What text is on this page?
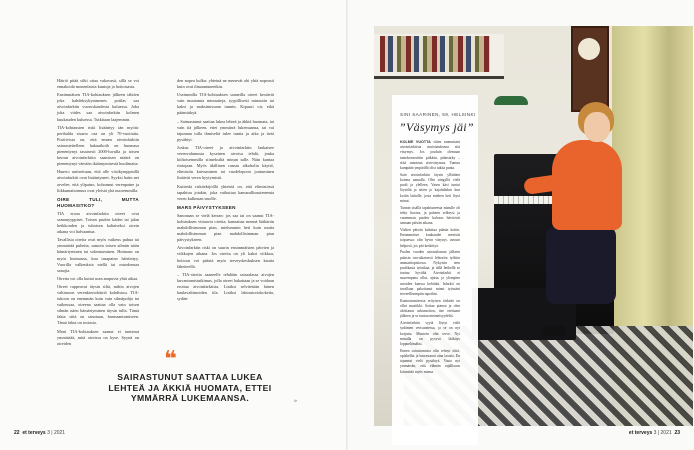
Häiriö pitää siltti ottaa vakavasti, sillä se voi ennakoida monenlaisia kuntoja ja hoitoisasta.

Ensimmäisen TIA-kohtauksen jälkeen tähtien joka kahdeksykymmenes potilas saa aivoinfarktin vuoroskaudesta kuluessa. Joka joka viides saa aivoinfarktin kolmen kuukauden kuluessa. Tutkitaan laajemmin.

TIA-kohtausten riski lisääntyy tän myötä: perihalda sisarto osa on yli 70-vuotiaita. Positivista on, että ennen aivoinfarktin saiarastettelleen hakuaikoih on huomasa pienentynyt tasaisesti 2000-luvulla ja toisen kerran aivoinfarktiin saamisen määrä on pienentynyt väestön ikääntymisestä huolimatta.

Hauvio uutisettuun, että alle viisikymppisillä aivoinfarktit ovat lisääntyneet. Syyksi hatin net arvelee, että ylipaino, kohonnut verenpaine ja liikkumattomuus ovat yleisiä yhä nuoremmilla.

OIRE TULI, MUTTA HUOMASITKO?

TIA eroaa aivoinfarktin oireet ovat samanyyppiset. Toisen puolen käden tai jalan heikkouden ja tuhoisen kaltaiseksi oirein aikana voi halvaantua.

Tavallisia oireita ovat myös vaikeus puhua tai ymmärtää puhetta, samoin toisen silmän näön hämärtyminen tai sokeutuminen. Huimaus on myös huimausa, kuu tasapaino häiriintyy. Vuorilla valkeuksia niellä tai muodonsaa sanojia.

Oireita voi olla kuitai usea ampuvia yhtä aikaa.

Oireet rappeavat täysin siltä, mihin aivojen valtimoon verenkiertohäiriö kohdistuu. TIA-tukoon on enemmän kuin vain silmäpohja tai vaikeusaa, oireena saattaa olla vain toisen silmän näön hämärtyminen täysin tulla. Tämä fakta siitä on sanotaan, harmaantumiseen. Tämä fakta on tosiasia.

Moni TIA-kohtauksen saanut ei tuntenut ymmärtää, mitä oireissa on kyse. Syynä on oireiden

den nopea kulku: yhteinä ne menevät ohi yhtä nopeasti kuin ovat ilmaantuneetkin.

Useimmilla TIA-kohtauksen saaneilla oireet kestävät vain muutamia minuutteja, tyypillisesti minuutin tai kaksi ja maksimissaan tunnin. Kipuuri oir, eikä päänsärkyä.

– Saimastunut saattaa lukea lehteä ja äkkiä huomata, tai vain tiä jälkeen, ettei ymmärrä lukemaansa, tai vai tajunnan tulla ihmiseltä tulee tuntia ja aika ja tietä pysähtyi.

Joskus TIA-oireet ja aivoinfarktin laukaisee verenvalumusta kyseinen aivoisa tehdä, jonka kiiltoisemmilla siimeksiltä minun tulle. Näin kantaa rintojaan. Myös äkillinen runsas alkoholin käyttö, elimistön kuivuminen tai vuodelepoon joutuminen lisäävät veren hyytymistä.

Kuitenki riskitekijöillä yhteistä on, että elimistössä tapahtuu jotakin, joka vaikuttaa kamarallisuutenemia veren kulkeuan tasolle.

MARS PÄIVYSTYKSEEN

Sanonaan se vielä kerran: jos saa tai on saanut TIA-kohtauksen vittaavia oireita, kannattaa mennä lääkäriin mahdollisimman pian, mielummin heti kuin mutta mahdollisimman pian mahdollisimman pian päivystykseen.

Aivoinfarktin riski on suurin ensimmäisten päivien ja viikkojen aikana. Jos oireita on yli kaksi viikkoa, hoitoon voi päästä myös terveyskeskuksen kautta lähetteellä.

– TIA-oireita saaneelle tehdään sairaalassa aivojen kuvantamistutkimus, jolla oireet hakattaan ja se voidaan erottaa aivoinfarktista. Lisäksi selvitetään hänen kaulavaltimoiden tila. Lisäksi laboratoriokokeita, sydän-

❝
SAIRASTUNUT SAATTAA LUKEA LEHTEÄ JA ÄKKIÄ HUOMATA, ETTEI YMMÄRRÄ LUKEMAANSA.	»
22 et terveys 3 | 2021	et terveys 3 | 2021 23
SINI SAARINEN, 59, HELSINKI
”Väsymys jäi”

KOLME VUOTTA sitten saamastani aivoinfarktista muistutuksena sitä väsymys. Jos jouduin olemaan tantokonserttiin pitkään, päänsärky – siitä sanotaan aivoväsymus. Tuntuu kumpään ympärillä olisi tukita panta.

Sain aivoinfarktin täysin yllättäen kotona aamulla. Olin sängyllä vielä puoli ja ylelleen. Vasen käsi tuntui löysältä ja sitten jo kajahdinkin kun koitin lattialle, josta miehen heti löysi minut.

Tunnin sisällä tapahtuneesta minulle oli tehty liuotus, ja puheen selkeysi ja vasemman puolen halvaus hävisivät samaan päivän aikana.

Viidien päivän kuluttua pääsin kotiin. Ensimmäiset kuukaudet menivät toipuessa: olin hyvin väsynyt, uuvuin helposti, jos piti keskittyä.

Puolen vuoden sairausloman jälkeen palasin osa-aikaisesti lehtoriin työhön ammattiopistossa. Nykyisin teen puolikasta työaikaa, ja tällä hetkellä se tuntuu hyvältä. Aivoinfarkti ei suurempana ollut, ajatus ja ylempien asioiden kanssa kehittää. Infarkti on tavallaan pakottanut minut työssäni terveellisempiin tapoihin.

Kuntoutumisessa erityisen tärkeää on ollut musiikki. Soitan pianoa ja olen aloittanut urkunsoiton, itse otettuani jälkeen ja se tuntuu menneisyydeltä.

Aivoinfarktin syytä löytyi vielä sydämen verisuonessa, ja se on nyt korjattu. Muutoin olin terve. Nyt minulla on pysyvä lääkitys loppuelämäksi.

Ennen sairastumista olin tehnyt töitä, opiskellut ja harrastanut aina laaisia. En tajunnut vielä pysähtyä. Vasta nyt ymmärrän, että elämän rajallisuus kiinnittää myös minua.
